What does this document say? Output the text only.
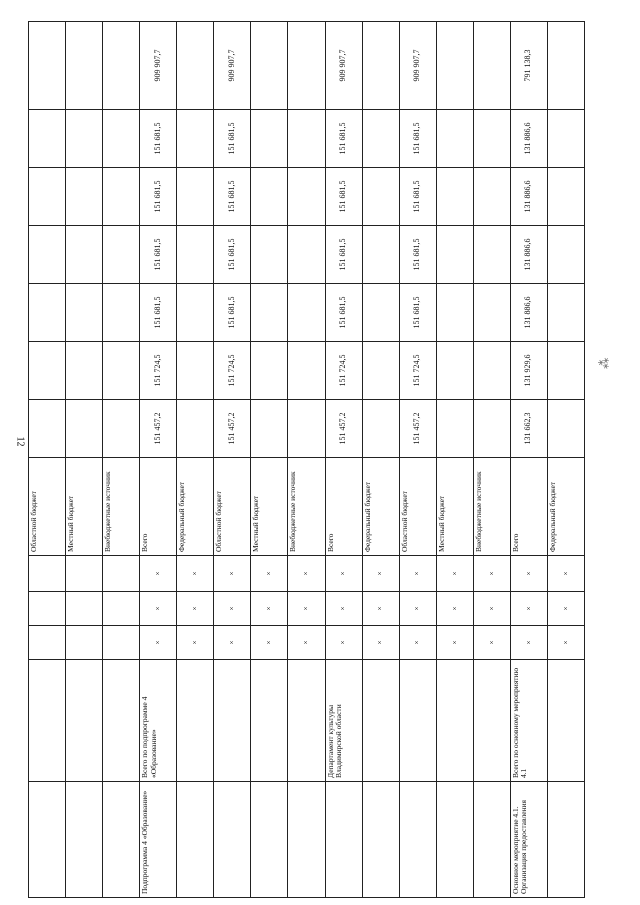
12
⁂
					Областной бюджет							
					Местный бюджет							
					Внебюджетные источник							
Подпрограмма 4 «Образование»	Всего по подпрограмме 4 «Образование»	×	×	×	Всего	151 457,2	151 724,5	151 681,5	151 681,5	151 681,5	151 681,5	909 907,7
		×	×	×	Федеральный бюджет							
		×	×	×	Областной бюджет	151 457,2	151 724,5	151 681,5	151 681,5	151 681,5	151 681,5	909 907,7
		×	×	×	Местный бюджет							
		×	×	×	Внебюджетные источник							
	Департамент культуры Владимирской области	×	×	×	Всего	151 457,2	151 724,5	151 681,5	151 681,5	151 681,5	151 681,5	909 907,7
		×	×	×	Федеральный бюджет							
		×	×	×	Областной бюджет	151 457,2	151 724,5	151 681,5	151 681,5	151 681,5	151 681,5	909 907,7
		×	×	×	Местный бюджет							
		×	×	×	Внебюджетные источник							
Основное мероприятие 4.1. Организация предоставления	Всего по основному мероприятию 4.1	×	×	×	Всего	131 662,3	131 929,6	131 886,6	131 886,6	131 886,6	131 886,6	791 138,3
		×	×	×	Федеральный бюджет							
